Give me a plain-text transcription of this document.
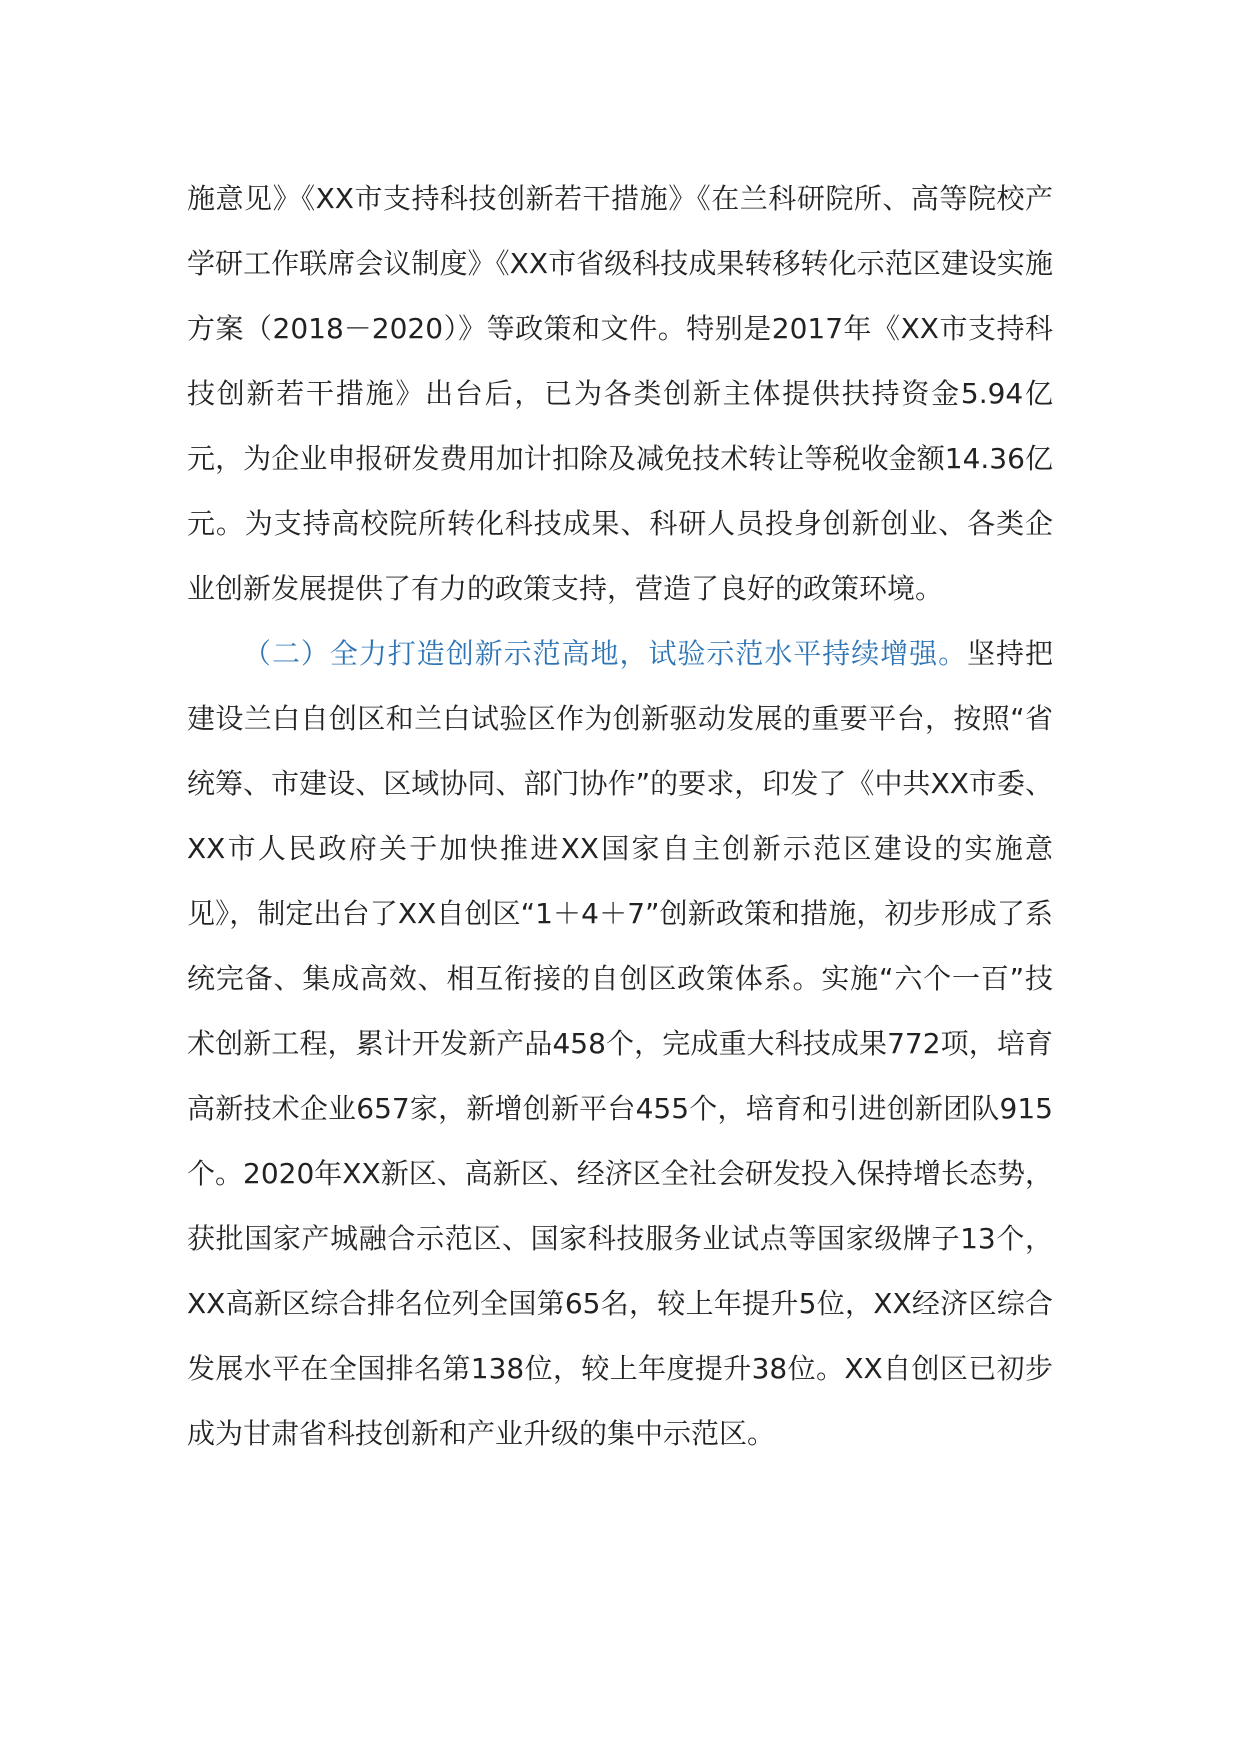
施意见》《XX市支持科技创新若干措施》《在兰科研院所、高等院校产学研工作联席会议制度》《XX市省级科技成果转移转化示范区建设实施方案（2018－2020）》等政策和文件。特别是2017年《XX市支持科技创新若干措施》出台后，已为各类创新主体提供扶持资金5.94亿元，为企业申报研发费用加计扣除及减免技术转让等税收金额14.36亿元。为支持高校院所转化科技成果、科研人员投身创新创业、各类企业创新发展提供了有力的政策支持，营造了良好的政策环境。

（二）全力打造创新示范高地，试验示范水平持续增强。坚持把建设兰白自创区和兰白试验区作为创新驱动发展的重要平台，按照“省统筹、市建设、区域协同、部门协作”的要求，印发了《中共XX市委、XX市人民政府关于加快推进XX国家自主创新示范区建设的实施意见》，制定出台了XX自创区“1＋4＋7”创新政策和措施，初步形成了系统完备、集成高效、相互衔接的自创区政策体系。实施“六个一百”技术创新工程，累计开发新产品458个，完成重大科技成果772项，培育高新技术企业657家，新增创新平台455个，培育和引进创新团队915个。2020年XX新区、高新区、经济区全社会研发投入保持增长态势，获批国家产城融合示范区、国家科技服务业试点等国家级牌子13个，XX高新区综合排名位列全国第65名，较上年提升5位，XX经济区综合发展水平在全国排名第138位，较上年度提升38位。XX自创区已初步成为甘肃省科技创新和产业升级的集中示范区。
